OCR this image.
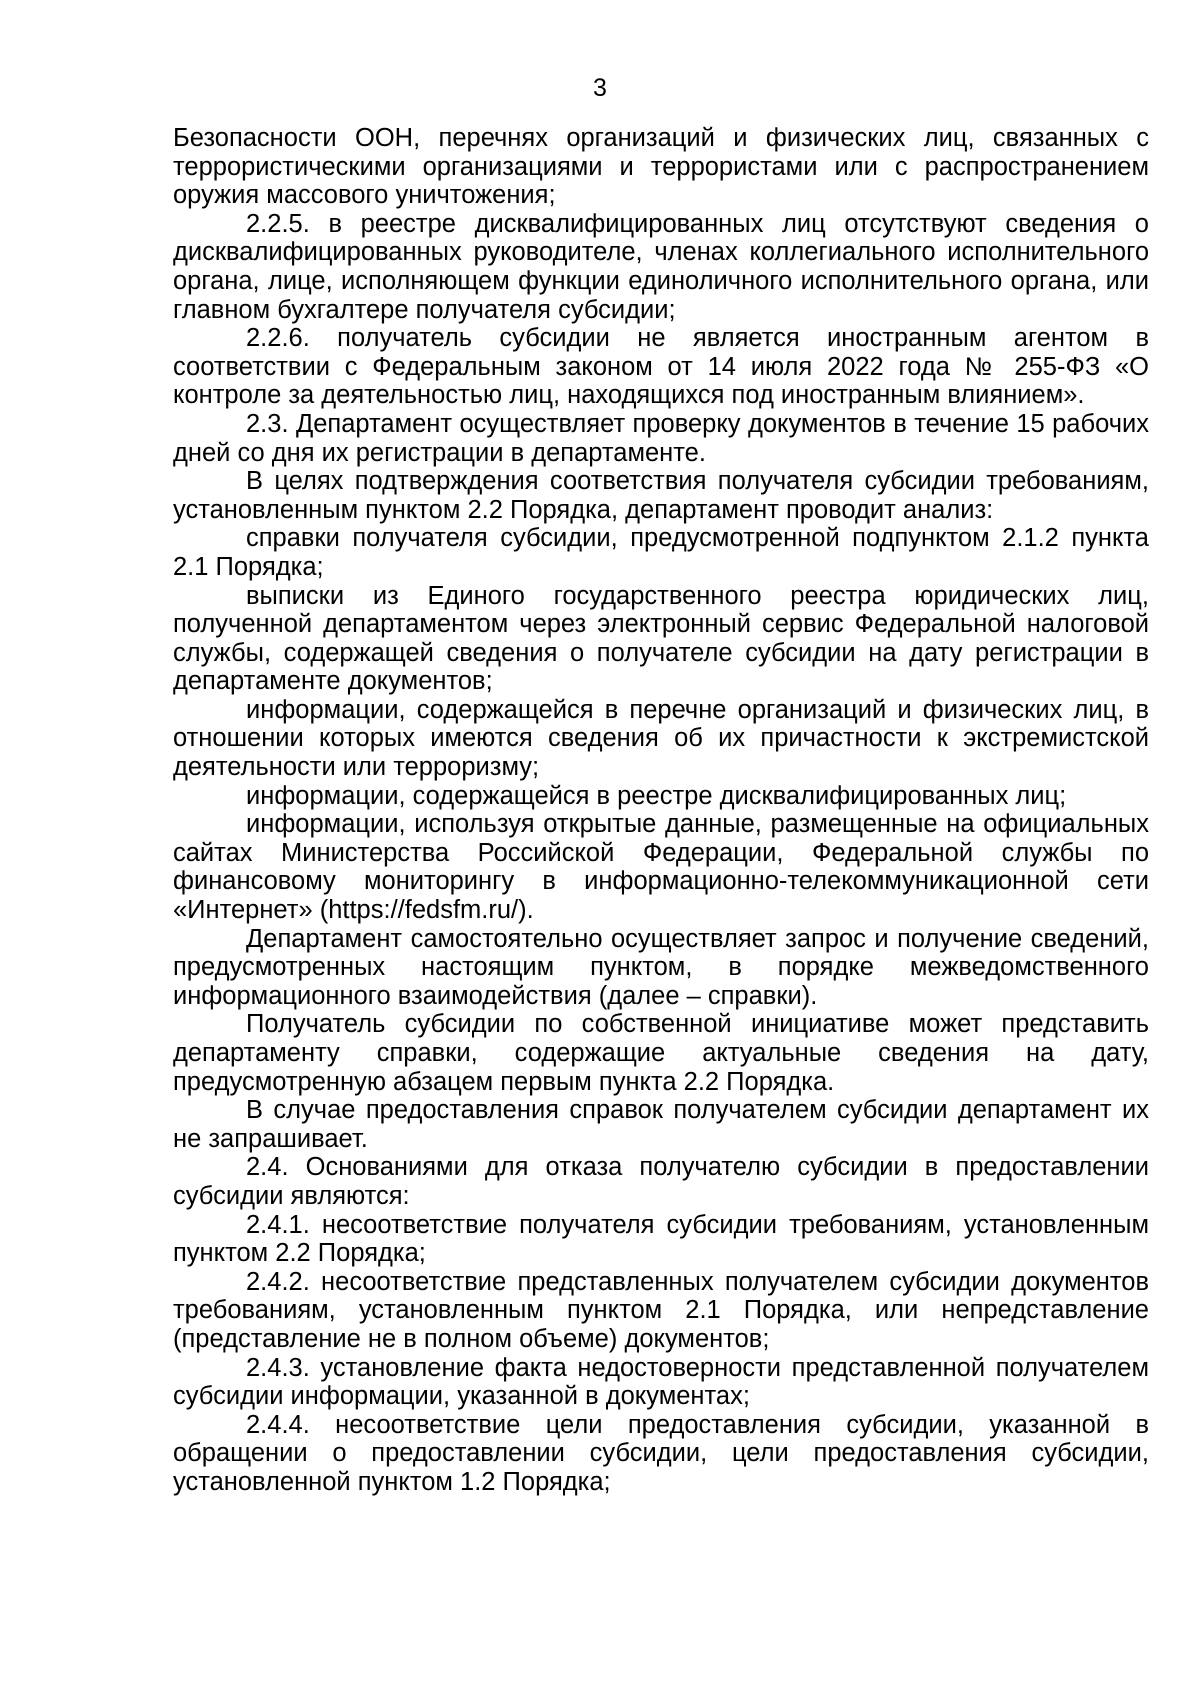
3

Безопасности ООН, перечнях организаций и физических лиц, связанных с террористическими организациями и террористами или с распространением оружия массового уничтожения;

2.2.5. в реестре дисквалифицированных лиц отсутствуют сведения о дисквалифицированных руководителе, членах коллегиального исполнительного органа, лице, исполняющем функции единоличного исполнительного органа, или главном бухгалтере получателя субсидии;

2.2.6. получатель субсидии не является иностранным агентом в соответствии с Федеральным законом от 14 июля 2022 года № 255-ФЗ «О контроле за деятельностью лиц, находящихся под иностранным влиянием».

2.3. Департамент осуществляет проверку документов в течение 15 рабочих дней со дня их регистрации в департаменте.

В целях подтверждения соответствия получателя субсидии требованиям, установленным пунктом 2.2 Порядка, департамент проводит анализ:

справки получателя субсидии, предусмотренной подпунктом 2.1.2 пункта 2.1 Порядка;

выписки из Единого государственного реестра юридических лиц, полученной департаментом через электронный сервис Федеральной налоговой службы, содержащей сведения о получателе субсидии на дату регистрации в департаменте документов;

информации, содержащейся в перечне организаций и физических лиц, в отношении которых имеются сведения об их причастности к экстремистской деятельности или терроризму;

информации, содержащейся в реестре дисквалифицированных лиц;

информации, используя открытые данные, размещенные на официальных сайтах Министерства Российской Федерации, Федеральной службы по финансовому мониторингу в информационно-телекоммуникационной сети «Интернет» (https://fedsfm.ru/).

Департамент самостоятельно осуществляет запрос и получение сведений, предусмотренных настоящим пунктом, в порядке межведомственного информационного взаимодействия (далее – справки).

Получатель субсидии по собственной инициативе может представить департаменту справки, содержащие актуальные сведения на дату, предусмотренную абзацем первым пункта 2.2 Порядка.

В случае предоставления справок получателем субсидии департамент их не запрашивает.

2.4. Основаниями для отказа получателю субсидии в предоставлении субсидии являются:

2.4.1. несоответствие получателя субсидии требованиям, установленным пунктом 2.2 Порядка;

2.4.2. несоответствие представленных получателем субсидии документов требованиям, установленным пунктом 2.1 Порядка, или непредставление (представление не в полном объеме) документов;

2.4.3. установление факта недостоверности представленной получателем субсидии информации, указанной в документах;

2.4.4. несоответствие цели предоставления субсидии, указанной в обращении о предоставлении субсидии, цели предоставления субсидии, установленной пунктом 1.2 Порядка;
